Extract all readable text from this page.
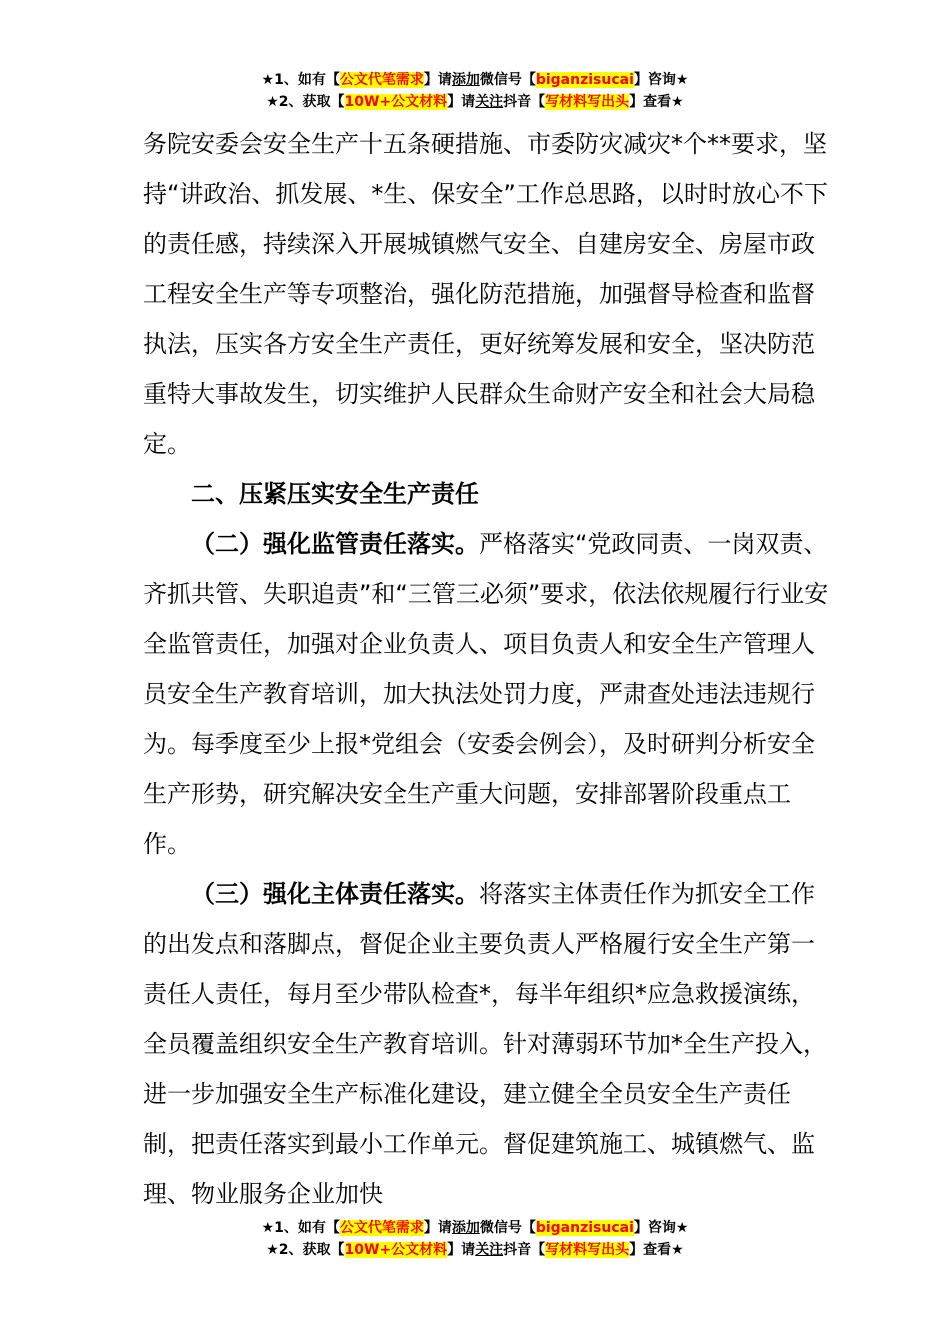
★1、如有【公文代笔需求】请添加微信号【biganzisucai】咨询★
★2、获取【10W+公文材料】请关注抖音【写材料写出头】查看★

务院安委会安全生产十五条硬措施、市委防灾减灾*个**要求，坚持“讲政治、抓发展、*生、保安全”工作总思路，以时时放心不下的责任感，持续深入开展城镇燃气安全、自建房安全、房屋市政工程安全生产等专项整治，强化防范措施，加强督导检查和监督执法，压实各方安全生产责任，更好统筹发展和安全，坚决防范重特大事故发生，切实维护人民群众生命财产安全和社会大局稳定。

二、压紧压实安全生产责任

（二）强化监管责任落实。严格落实“党政同责、一岗双责、齐抓共管、失职追责”和“三管三必须”要求，依法依规履行行业安全监管责任，加强对企业负责人、项目负责人和安全生产管理人员安全生产教育培训，加大执法处罚力度，严肃查处违法违规行为。每季度至少上报*党组会（安委会例会），及时研判分析安全生产形势，研究解决安全生产重大问题，安排部署阶段重点工作。

（三）强化主体责任落实。将落实主体责任作为抓安全工作的出发点和落脚点，督促企业主要负责人严格履行安全生产第一责任人责任，每月至少带队检查*，每半年组织*应急救援演练，全员覆盖组织安全生产教育培训。针对薄弱环节加*全生产投入，进一步加强安全生产标准化建设，建立健全全员安全生产责任制，把责任落实到最小工作单元。督促建筑施工、城镇燃气、监理、物业服务企业加快

★1、如有【公文代笔需求】请添加微信号【biganzisucai】咨询★
★2、获取【10W+公文材料】请关注抖音【写材料写出头】查看★
